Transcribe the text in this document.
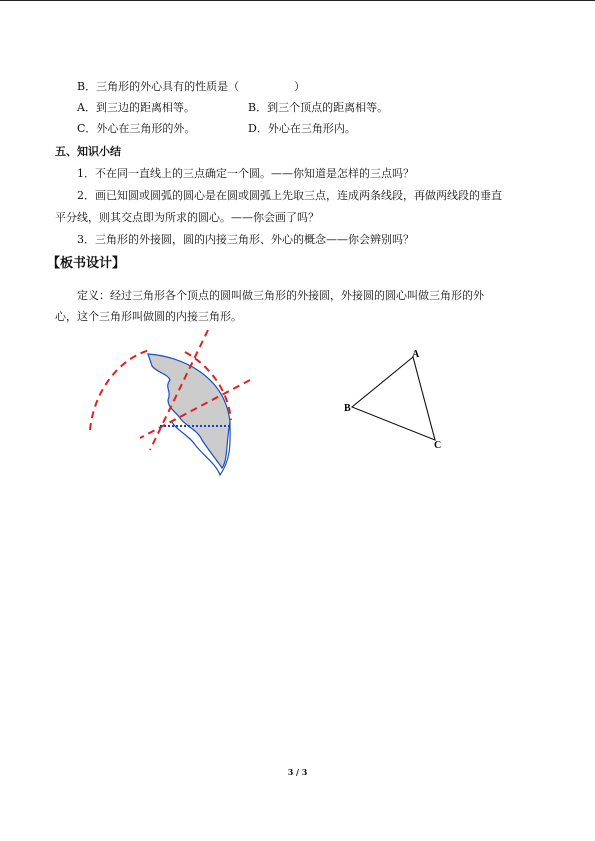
B．三角形的外心具有的性质是（　　　　　）
A．到三边的距离相等。	B．到三个顶点的距离相等。
C．外心在三角形的外。	D．外心在三角形内。
五、知识小结
1．不在同一直线上的三点确定一个圆。——你知道是怎样的三点吗？
2．画已知圆或圆弧的圆心是在圆或圆弧上先取三点，连成两条线段，再做两线段的垂直
平分线，则其交点即为所求的圆心。——你会画了吗？
3．三角形的外接圆，圆的内接三角形、外心的概念——你会辨别吗？
【板书设计】
定义：经过三角形各个顶点的圆叫做三角形的外接圆，外接圆的圆心叫做三角形的外
心，这个三角形叫做圆的内接三角形。
A
B
C
3 / 3
